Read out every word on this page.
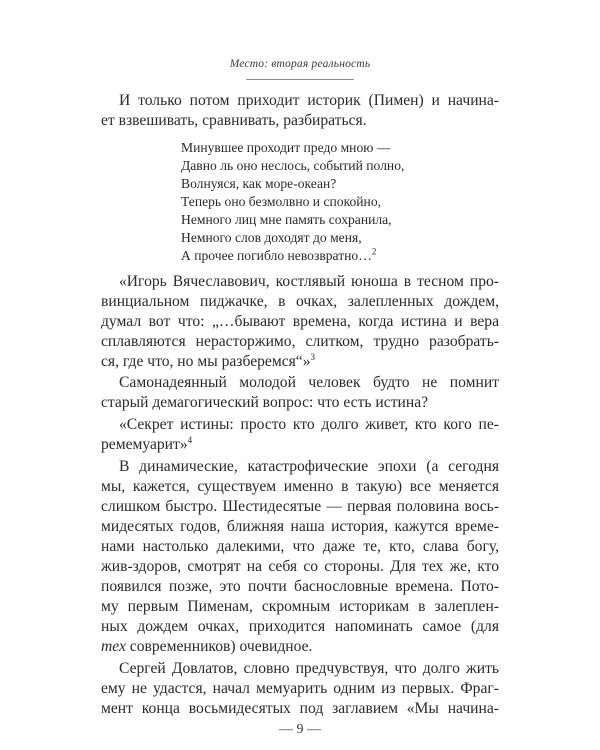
Место: вторая реальность
И только потом приходит историк (Пимен) и начина-
ет взвешивать, сравнивать, разбираться.
Минувшее проходит предо мною —
Давно ль оно неслось, событий полно,
Волнуяся, как море-океан?
Теперь оно безмолвно и спокойно,
Немного лиц мне память сохранила,
Немного слов доходят до меня,
А прочее погибло невозвратно…$^2$
«Игорь Вячеславович, костлявый юноша в тесном про-
винциальном пиджачке, в очках, залепленных дождем,
думал вот что: „…бывают времена, когда истина и вера
сплавляются нерасторжимо, слитком, трудно разобрать-
ся, где что, но мы разберемся“»$^3$
Самонадеянный молодой человек будто не помнит
старый демагогический вопрос: что есть истина?
«Секрет истины: просто кто долго живет, кто кого пе-
ремемуарит»$^4$
В динамические, катастрофические эпохи (а сегодня
мы, кажется, существуем именно в такую) все меняется
слишком быстро. Шестидесятые — первая половина вось-
мидесятых годов, ближняя наша история, кажутся време-
нами настолько далекими, что даже те, кто, слава богу,
жив-здоров, смотрят на себя со стороны. Для тех же, кто
появился позже, это почти баснословные времена. Пото-
му первым Пименам, скромным историкам в залеплен-
ных дождем очках, приходится напоминать самое (для
тех современников) очевидное.
Сергей Довлатов, словно предчувствуя, что долго жить
ему не удастся, начал мемуарить одним из первых. Фраг-
мент конца восьмидесятых под заглавием «Мы начина-
— 9 —
